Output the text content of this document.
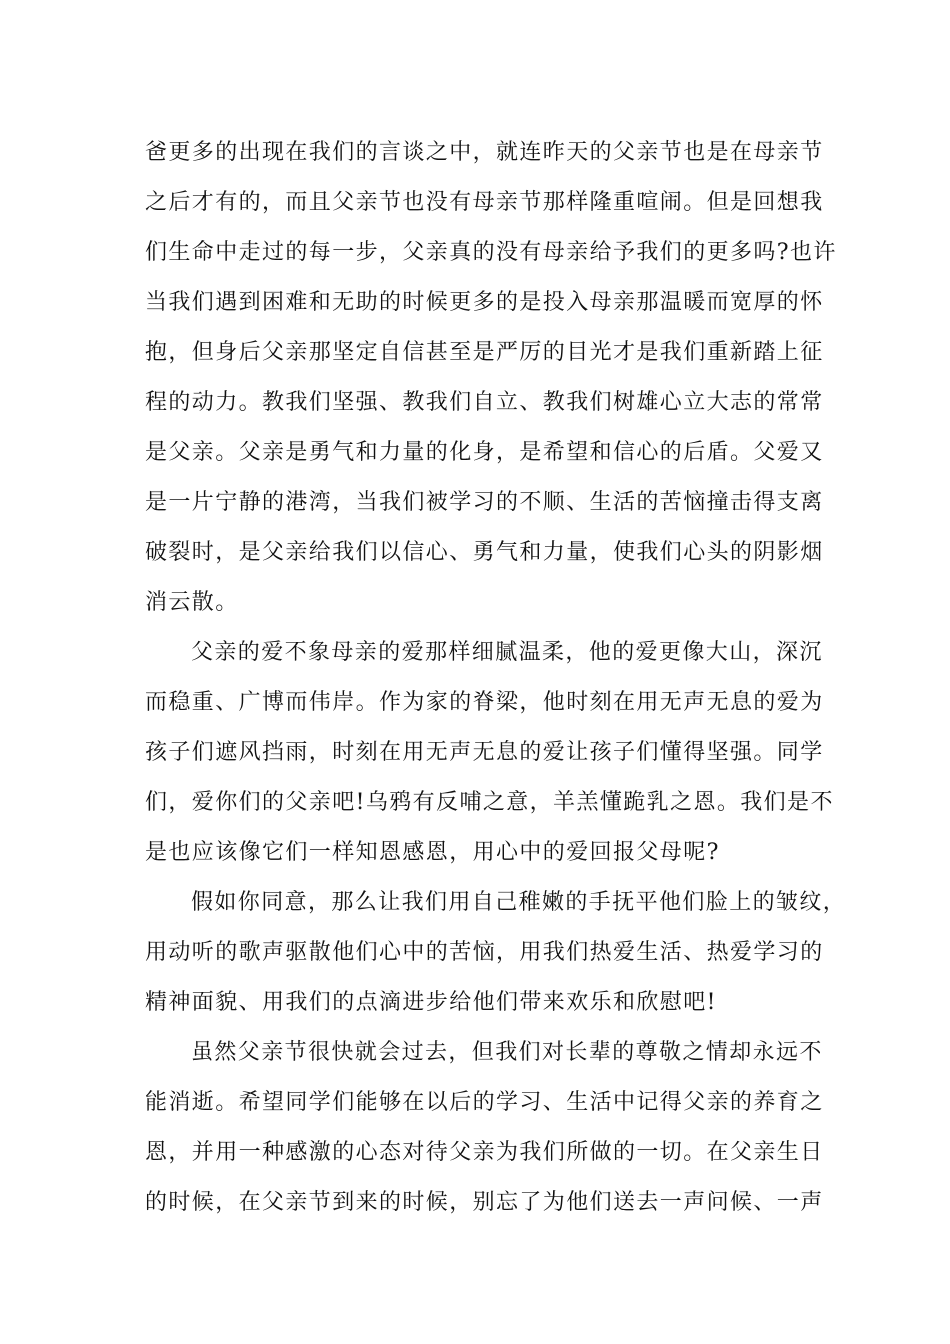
爸更多的出现在我们的言谈之中，就连昨天的父亲节也是在母亲节
之后才有的，而且父亲节也没有母亲节那样隆重喧闹。但是回想我
们生命中走过的每一步，父亲真的没有母亲给予我们的更多吗?也许
当我们遇到困难和无助的时候更多的是投入母亲那温暖而宽厚的怀
抱，但身后父亲那坚定自信甚至是严厉的目光才是我们重新踏上征
程的动力。教我们坚强、教我们自立、教我们树雄心立大志的常常
是父亲。父亲是勇气和力量的化身，是希望和信心的后盾。父爱又
是一片宁静的港湾，当我们被学习的不顺、生活的苦恼撞击得支离
破裂时，是父亲给我们以信心、勇气和力量，使我们心头的阴影烟
消云散。
父亲的爱不象母亲的爱那样细腻温柔，他的爱更像大山，深沉
而稳重、广博而伟岸。作为家的脊梁，他时刻在用无声无息的爱为
孩子们遮风挡雨，时刻在用无声无息的爱让孩子们懂得坚强。同学
们，爱你们的父亲吧!乌鸦有反哺之意，羊羔懂跪乳之恩。我们是不
是也应该像它们一样知恩感恩，用心中的爱回报父母呢?
假如你同意，那么让我们用自己稚嫩的手抚平他们脸上的皱纹，
用动听的歌声驱散他们心中的苦恼，用我们热爱生活、热爱学习的
精神面貌、用我们的点滴进步给他们带来欢乐和欣慰吧!
虽然父亲节很快就会过去，但我们对长辈的尊敬之情却永远不
能消逝。希望同学们能够在以后的学习、生活中记得父亲的养育之
恩，并用一种感激的心态对待父亲为我们所做的一切。在父亲生日
的时候，在父亲节到来的时候，别忘了为他们送去一声问候、一声
